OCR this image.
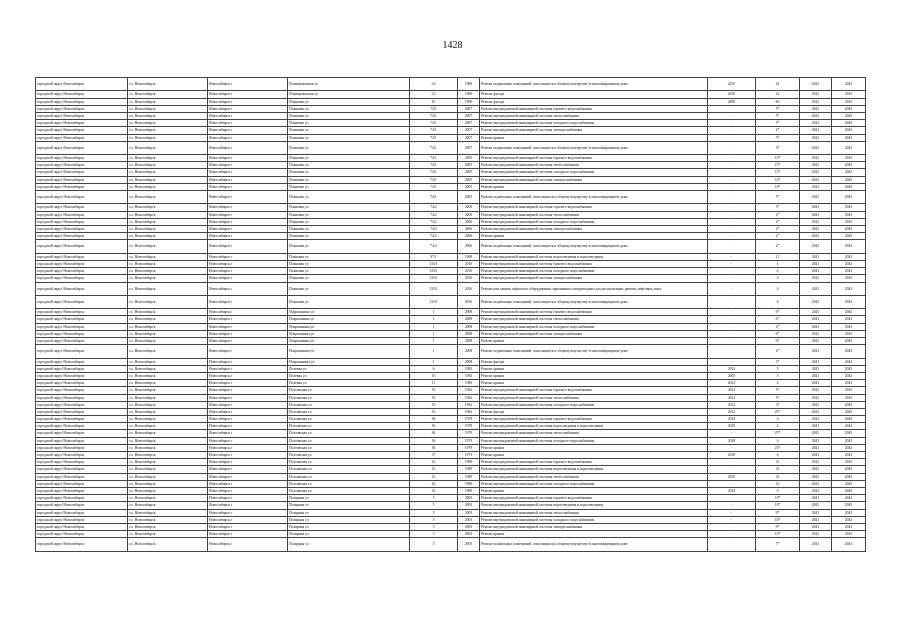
1428
городской округ Новосибирск	г.о. Новосибирск	Новосибирск г	Планировочная ул	1/2	1969	Ремонт подвальных помещений, относящихся к общему имуществу в многоквартирном доме	2010	22	2041	2043
городской округ Новосибирск	г.о. Новосибирск	Новосибирск г	Планировочная ул	1/2	1969	Ремонт фасада	2010	22	2041	2043
городской округ Новосибирск	г.о. Новосибирск	Новосибирск г	Плановая ул	45	1990	Ремонт фасада	2009	60	2041	2043
городской округ Новосибирск	г.о. Новосибирск	Новосибирск г	Плановая ул	72/1	2007	Ремонт внутридомовой инженерной системы горячего водоснабжения	-	5*	2041	2043
городской округ Новосибирск	г.о. Новосибирск	Новосибирск г	Плановая ул	72/1	2007	Ремонт внутридомовой инженерной системы теплоснабжения	-	5*	2041	2043
городской округ Новосибирск	г.о. Новосибирск	Новосибирск г	Плановая ул	72/1	2007	Ремонт внутридомовой инженерной системы холодного водоснабжения	-	5*	2041	2043
городской округ Новосибирск	г.о. Новосибирск	Новосибирск г	Плановая ул	72/1	2007	Ремонт внутридомовой инженерной системы электроснабжения	-	4*	2041	2043
городской округ Новосибирск	г.о. Новосибирск	Новосибирск г	Плановая ул	72/1	2007	Ремонт крыши	-	5*	2041	2043
городской округ Новосибирск	г.о. Новосибирск	Новосибирск г	Плановая ул	72/1	2007	Ремонт подвальных помещений, относящихся к общему имуществу в многоквартирном доме	-	4*	2041	2043
городской округ Новосибирск	г.о. Новосибирск	Новосибирск г	Плановая ул	74/1	2005	Ремонт внутридомовой инженерной системы горячего водоснабжения	-	10*	2041	2043
городской округ Новосибирск	г.о. Новосибирск	Новосибирск г	Плановая ул	74/1	2005	Ремонт внутридомовой инженерной системы теплоснабжения	-	15*	2041	2043
городской округ Новосибирск	г.о. Новосибирск	Новосибирск г	Плановая ул	74/1	2005	Ремонт внутридомовой инженерной системы холодного водоснабжения	-	15*	2041	2043
городской округ Новосибирск	г.о. Новосибирск	Новосибирск г	Плановая ул	74/1	2005	Ремонт внутридомовой инженерной системы электроснабжения	-	14*	2041	2043
городской округ Новосибирск	г.о. Новосибирск	Новосибирск г	Плановая ул	74/1	2005	Ремонт крыши	-	16*	2041	2043
городской округ Новосибирск	г.о. Новосибирск	Новосибирск г	Плановая ул	74/1	2005	Ремонт подвальных помещений, относящихся к общему имуществу в многоквартирном доме	-	5*	2041	2043
городской округ Новосибирск	г.о. Новосибирск	Новосибирск г	Плановая ул	74/2	2006	Ремонт внутридомовой инженерной системы горячего водоснабжения	-	3*	2041	2043
городской округ Новосибирск	г.о. Новосибирск	Новосибирск г	Плановая ул	74/2	2006	Ремонт внутридомовой инженерной системы теплоснабжения	-	2*	2041	2043
городской округ Новосибирск	г.о. Новосибирск	Новосибирск г	Плановая ул	74/2	2006	Ремонт внутридомовой инженерной системы холодного водоснабжения	-	2*	2041	2043
городской округ Новосибирск	г.о. Новосибирск	Новосибирск г	Плановая ул	74/2	2006	Ремонт внутридомовой инженерной системы электроснабжения	-	2*	2041	2043
городской округ Новосибирск	г.о. Новосибирск	Новосибирск г	Плановая ул	74/2	2006	Ремонт крыши	-	2*	2041	2043
городской округ Новосибирск	г.о. Новосибирск	Новосибирск г	Плановая ул	74/2	2006	Ремонт подвальных помещений, относящихся к общему имуществу в многоквартирном доме	-	2*	2041	2043
городской округ Новосибирск	г.о. Новосибирск	Новосибирск г	Плановая ул	97/1	1969	Ремонт внутридомовой инженерной системы водоотведения и водоотведения	-	21	2041	2043
городской округ Новосибирск	г.о. Новосибирск	Новосибирск г	Плановая ул	133/1	2016	Ремонт внутридомовой инженерной системы горячего водоснабжения	-	4	2041	2043
городской округ Новосибирск	г.о. Новосибирск	Новосибирск г	Плановая ул	133/1	2016	Ремонт внутридомовой инженерной системы холодного водоснабжения	-	4	2041	2043
городской округ Новосибирск	г.о. Новосибирск	Новосибирск г	Плановая ул	133/1	2016	Ремонт внутридомовой инженерной системы электроснабжения	-	4	2041	2043
городской округ Новосибирск	г.о. Новосибирск	Новосибирск г	Плановая ул	133/1	2016	Ремонт или замена лифтового оборудования, признанного непригодным для эксплуатации, ремонт лифтовых шахт	-	4	2041	2043
городской округ Новосибирск	г.о. Новосибирск	Новосибирск г	Плановая ул	133/1	2016	Ремонт подвальных помещений, относящихся к общему имуществу в многоквартирном доме	-	4	2041	2043
городской округ Новосибирск	г.о. Новосибирск	Новосибирск г	Покрышкина ул	1	2008	Ремонт внутридомовой инженерной системы горячего водоснабжения	-	6*	2041	2043
городской округ Новосибирск	г.о. Новосибирск	Новосибирск г	Покрышкина ул	1	2008	Ремонт внутридомовой инженерной системы теплоснабжения	-	6*	2041	2043
городской округ Новосибирск	г.о. Новосибирск	Новосибирск г	Покрышкина ул	1	2008	Ремонт внутридомовой инженерной системы холодного водоснабжения	-	2*	2041	2043
городской округ Новосибирск	г.о. Новосибирск	Новосибирск г	Покрышкина ул	1	2008	Ремонт внутридомовой инженерной системы электроснабжения	-	6*	2041	2043
городской округ Новосибирск	г.о. Новосибирск	Новосибирск г	Покрышкина ул	1	2008	Ремонт крыши	-	6*	2041	2043
городской округ Новосибирск	г.о. Новосибирск	Новосибирск г	Покрышкина ул	1	2008	Ремонт подвальных помещений, относящихся к общему имуществу в многоквартирном доме	-	2*	2041	2043
городской округ Новосибирск	г.о. Новосибирск	Новосибирск г	Покрышкина ул	1	2008	Ремонт фасада	-	3*	2041	2043
городской округ Новосибирск	г.о. Новосибирск	Новосибирск г	Полевая ул	6	1983	Ремонт крыши	2012	5	2041	2043
городской округ Новосибирск	г.о. Новосибирск	Новосибирск г	Полевая ул	10	1983	Ремонт крыши	2005	5	2041	2043
городской округ Новосибирск	г.о. Новосибирск	Новосибирск г	Полевая ул	11	1986	Ремонт крыши	2012	2	2041	2043
городской округ Новосибирск	г.о. Новосибирск	Новосибирск г	Полтавская ул	35	1962	Ремонт внутридомовой инженерной системы горячего водоснабжения	2012	37	2041	2043
городской округ Новосибирск	г.о. Новосибирск	Новосибирск г	Полтавская ул	35	1962	Ремонт внутридомовой инженерной системы теплоснабжения	2012	37	2041	2043
городской округ Новосибирск	г.о. Новосибирск	Новосибирск г	Полтавская ул	35	1962	Ремонт внутридомовой инженерной системы холодного водоснабжения	2012	37	2041	2043
городской округ Новосибирск	г.о. Новосибирск	Новосибирск г	Полтавская ул	35	1962	Ремонт фасада	2012	25*	2041	2043
городской округ Новосибирск	г.о. Новосибирск	Новосибирск г	Полтавская ул	36	1979	Ремонт внутридомовой инженерной системы горячего водоснабжения	2014	4	2041	2043
городской округ Новосибирск	г.о. Новосибирск	Новосибирск г	Полтавская ул	36	1979	Ремонт внутридомовой инженерной системы водоотведения и водоотведения	2018	4	2041	2043
городской округ Новосибирск	г.о. Новосибирск	Новосибирск г	Полтавская ул	36	1979	Ремонт внутридомовой инженерной системы теплоснабжения	-	25*	2041	2043
городской округ Новосибирск	г.о. Новосибирск	Новосибирск г	Полтавская ул	36	1979	Ремонт внутридомовой инженерной системы холодного водоснабжения	2018	4	2041	2043
городской округ Новосибирск	г.о. Новосибирск	Новосибирск г	Полтавская ул	36	1979	Ремонт крыши	-	25*	2041	2043
городской округ Новосибирск	г.о. Новосибирск	Новосибирск г	Полтавская ул	37	1973	Ремонт крыши	2018	4	2041	2043
городской округ Новосибирск	г.о. Новосибирск	Новосибирск г	Полтавская ул	41	1980	Ремонт внутридомовой инженерной системы горячего водоснабжения	-	21	2041	2043
городской округ Новосибирск	г.о. Новосибирск	Новосибирск г	Полтавская ул	41	1980	Ремонт внутридомовой инженерной системы водоотведения и водоотведения	-	21	2041	2043
городской округ Новосибирск	г.о. Новосибирск	Новосибирск г	Полтавская ул	41	1980	Ремонт внутридомовой инженерной системы теплоснабжения	2010	21	2041	2043
городской округ Новосибирск	г.о. Новосибирск	Новосибирск г	Полтавская ул	43	1980	Ремонт внутридомовой инженерной системы холодного водоснабжения	-	21	2041	2043
городской округ Новосибирск	г.о. Новосибирск	Новосибирск г	Полтавская ул	43	1980	Ремонт крыши	2014	6	2041	2043
городской округ Новосибирск	г.о. Новосибирск	Новосибирск г	Полярная ул	5	2003	Ремонт внутридомовой инженерной системы горячего водоснабжения	-	10*	2041	2043
городской округ Новосибирск	г.о. Новосибирск	Новосибирск г	Полярная ул	5	2003	Ремонт внутридомовой инженерной системы водоотведения и водоотведения	-	10*	2041	2043
городской округ Новосибирск	г.о. Новосибирск	Новосибирск г	Полярная ул	5	2003	Ремонт внутридомовой инженерной системы теплоснабжения	-	9*	2041	2043
городской округ Новосибирск	г.о. Новосибирск	Новосибирск г	Полярная ул	5	2003	Ремонт внутридомовой инженерной системы холодного водоснабжения	-	10*	2041	2043
городской округ Новосибирск	г.о. Новосибирск	Новосибирск г	Полярная ул	5	2003	Ремонт внутридомовой инженерной системы электроснабжения	-	9*	2041	2043
городской округ Новосибирск	г.о. Новосибирск	Новосибирск г	Полярная ул	5	2003	Ремонт крыши	-	10*	2041	2043
городской округ Новосибирск	г.о. Новосибирск	Новосибирск г	Полярная ул	5	2003	Ремонт подвальных помещений, относящихся к общему имуществу в многоквартирном доме	-	7*	2041	2043
